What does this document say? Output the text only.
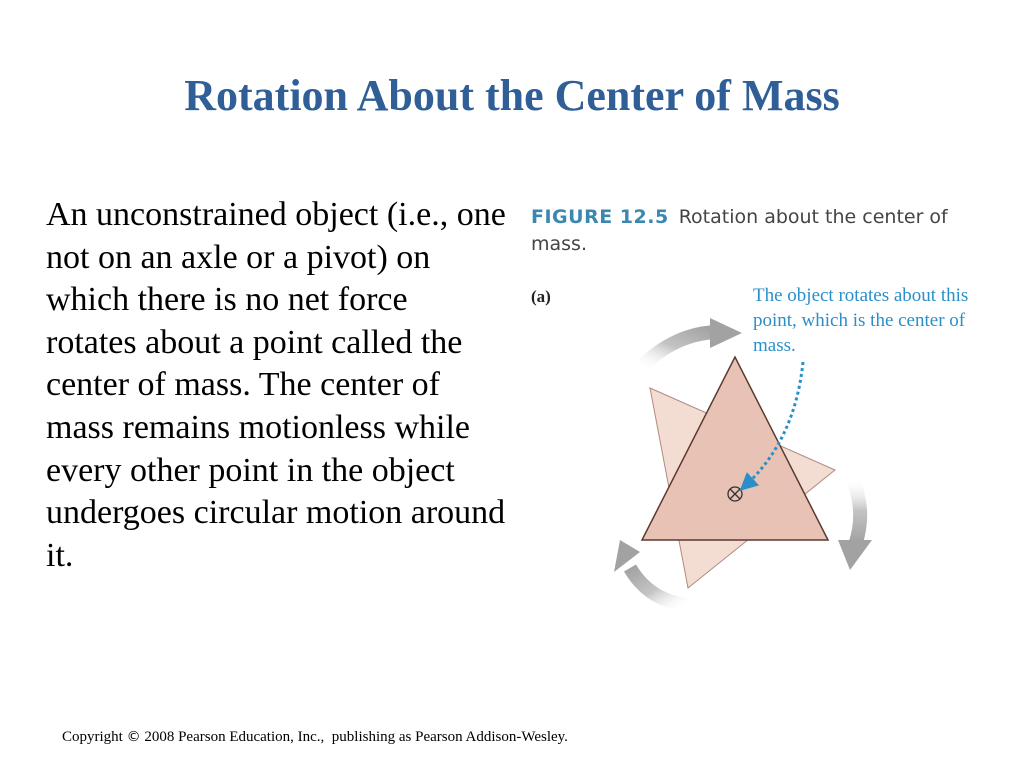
Rotation About the Center of Mass

An unconstrained object (i.e., one not on an axle or a pivot) on which there is no net force rotates about a point called the center of mass. The center of mass remains motionless while every other point in the object undergoes circular motion around it.

FIGURE 12.5 Rotation about the center of mass.

(a)	The object rotates about this point, which is the center of mass.

Copyright © 2008 Pearson Education, Inc.,  publishing as Pearson Addison-Wesley.
